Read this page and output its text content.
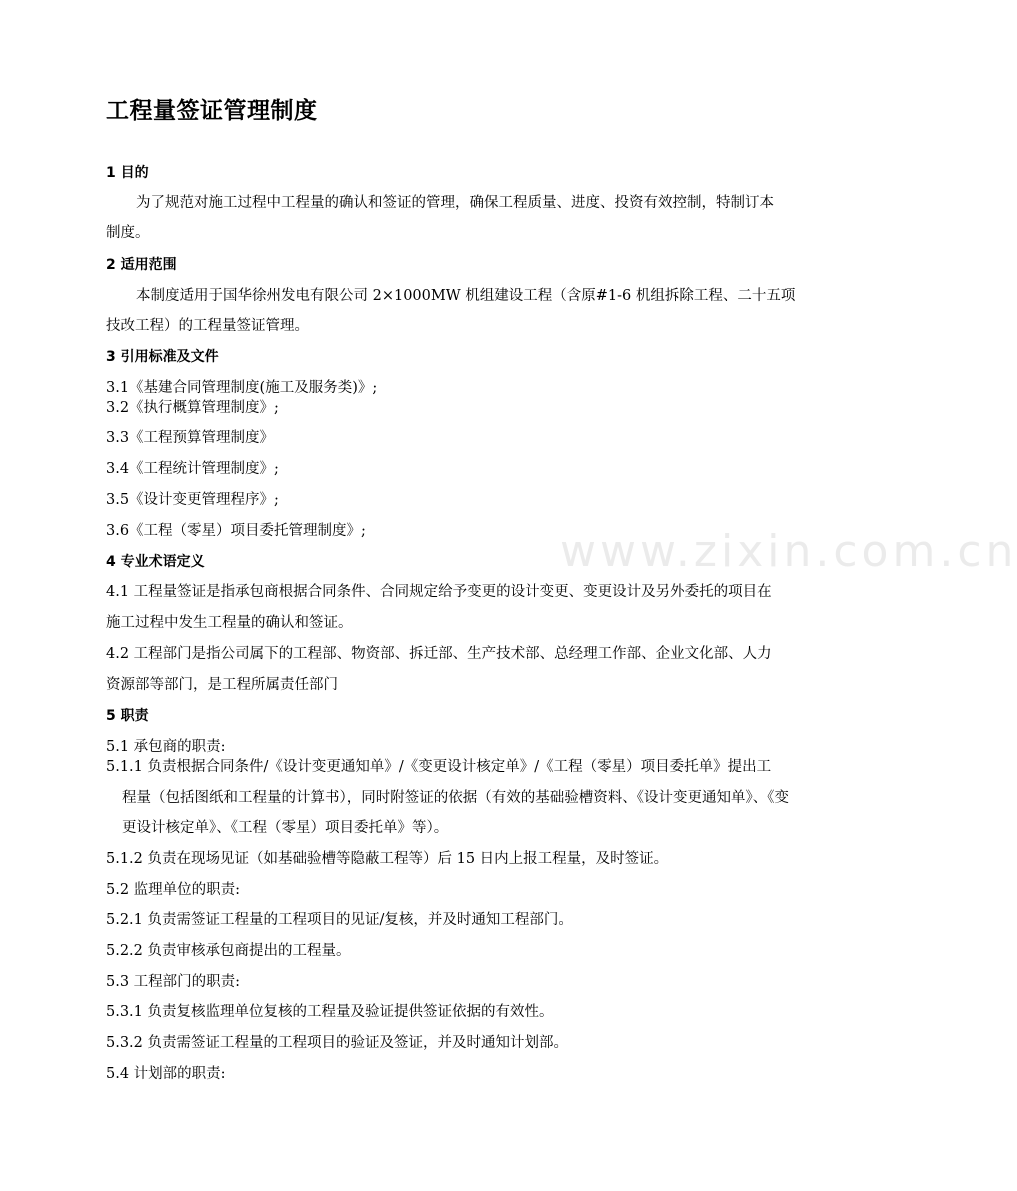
工程量签证管理制度
www.zixin.com.cn
1 目的
为了规范对施工过程中工程量的确认和签证的管理，确保工程质量、进度、投资有效控制，特制订本
制度。
2 适用范围
本制度适用于国华徐州发电有限公司 2×1000MW 机组建设工程（含原#1-6 机组拆除工程、二十五项
技改工程）的工程量签证管理。
3 引用标准及文件
3.1《基建合同管理制度(施工及服务类)》;
3.2《执行概算管理制度》;
3.3《工程预算管理制度》
3.4《工程统计管理制度》;
3.5《设计变更管理程序》;
3.6《工程（零星）项目委托管理制度》;
4 专业术语定义
4.1 工程量签证是指承包商根据合同条件、合同规定给予变更的设计变更、变更设计及另外委托的项目在
施工过程中发生工程量的确认和签证。
4.2 工程部门是指公司属下的工程部、物资部、拆迁部、生产技术部、总经理工作部、企业文化部、人力
资源部等部门，是工程所属责任部门
5 职责
5.1 承包商的职责:
5.1.1 负责根据合同条件/《设计变更通知单》/《变更设计核定单》/《工程（零星）项目委托单》提出工
程量（包括图纸和工程量的计算书），同时附签证的依据（有效的基础验槽资料、《设计变更通知单》、《变
更设计核定单》、《工程（零星）项目委托单》等）。
5.1.2 负责在现场见证（如基础验槽等隐蔽工程等）后 15 日内上报工程量，及时签证。
5.2 监理单位的职责:
5.2.1 负责需签证工程量的工程项目的见证/复核，并及时通知工程部门。
5.2.2 负责审核承包商提出的工程量。
5.3 工程部门的职责:
5.3.1 负责复核监理单位复核的工程量及验证提供签证依据的有效性。
5.3.2 负责需签证工程量的工程项目的验证及签证，并及时通知计划部。
5.4 计划部的职责:
